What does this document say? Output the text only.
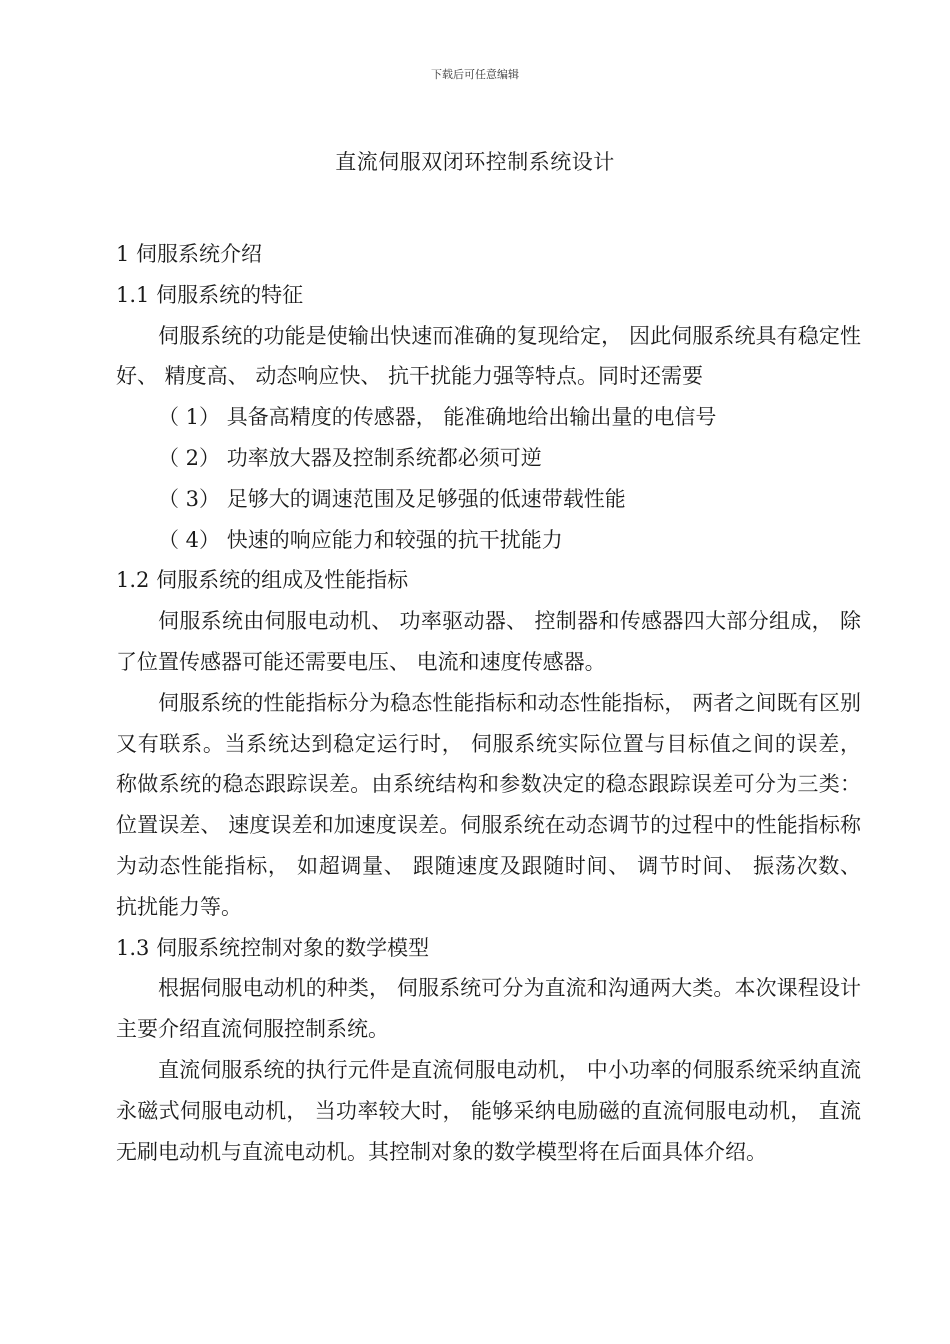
下载后可任意编辑
直流伺服双闭环控制系统设计
1 伺服系统介绍
1.1 伺服系统的特征

伺服系统的功能是使输出快速而准确的复现给定， 因此伺服系统具有稳定性好、 精度高、 动态响应快、 抗干扰能力强等特点。同时还需要

（ 1） 具备高精度的传感器， 能准确地给出输出量的电信号

（ 2） 功率放大器及控制系统都必须可逆

（ 3） 足够大的调速范围及足够强的低速带载性能

（ 4） 快速的响应能力和较强的抗干扰能力

1.2 伺服系统的组成及性能指标

伺服系统由伺服电动机、 功率驱动器、 控制器和传感器四大部分组成， 除了位置传感器可能还需要电压、 电流和速度传感器。

伺服系统的性能指标分为稳态性能指标和动态性能指标， 两者之间既有区别又有联系。当系统达到稳定运行时， 伺服系统实际位置与目标值之间的误差， 称做系统的稳态跟踪误差。由系统结构和参数决定的稳态跟踪误差可分为三类： 位置误差、 速度误差和加速度误差。伺服系统在动态调节的过程中的性能指标称为动态性能指标， 如超调量、 跟随速度及跟随时间、 调节时间、 振荡次数、 抗扰能力等。

1.3 伺服系统控制对象的数学模型

根据伺服电动机的种类， 伺服系统可分为直流和沟通两大类。本次课程设计主要介绍直流伺服控制系统。

直流伺服系统的执行元件是直流伺服电动机， 中小功率的伺服系统采纳直流永磁式伺服电动机， 当功率较大时， 能够采纳电励磁的直流伺服电动机， 直流无刷电动机与直流电动机。其控制对象的数学模型将在后面具体介绍。
